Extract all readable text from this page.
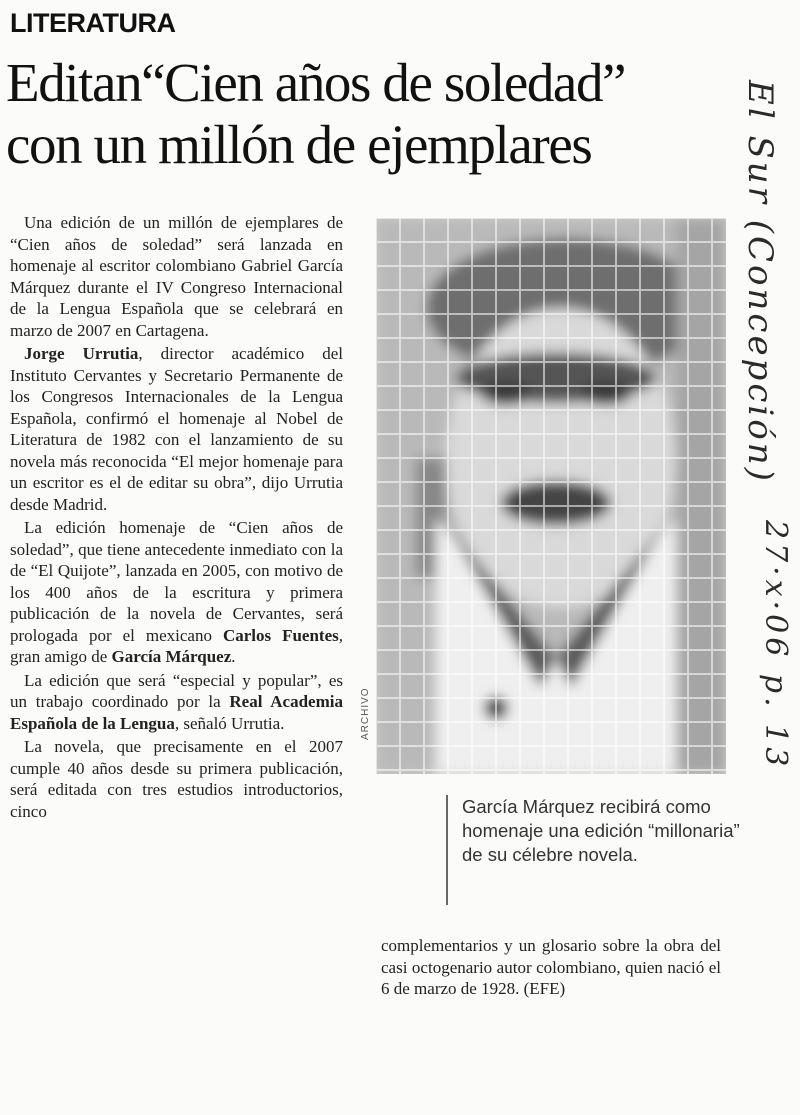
LITERATURA
Editan“Cien años de soledad”
con un millón de ejemplares

Una edición de un millón de ejemplares de “Cien años de soledad” será lanzada en homenaje al escritor colombiano Gabriel García Márquez durante el IV Congreso Internacional de la Lengua Española que se celebrará en marzo de 2007 en Cartagena.

Jorge Urrutia, director académico del Instituto Cervantes y Secretario Permanente de los Congresos Internacionales de la Lengua Española, confirmó el homenaje al Nobel de Literatura de 1982 con el lanzamiento de su novela más reconocida “El mejor homenaje para un escritor es el de editar su obra”, dijo Urrutia desde Madrid.

La edición homenaje de “Cien años de soledad”, que tiene antecedente inmediato con la de “El Quijote”, lanzada en 2005, con motivo de los 400 años de la escritura y primera publicación de la novela de Cervantes, será prologada por el mexicano Carlos Fuentes, gran amigo de García Márquez.

La edición que será “especial y popular”, es un trabajo coordinado por la Real Academia Española de la Lengua, señaló Urrutia.

La novela, que precisamente en el 2007 cumple 40 años desde su primera publicación, será editada con tres estudios introductorios, cinco

ARCHIVO
García Márquez recibirá como homenaje una edición “millonaria” de su célebre novela.
complementarios y un glosario sobre la obra del casi octogenario autor colombiano, quien nació el 6 de marzo de 1928. (EFE)
El Sur (Concepción)
27·x·06 p. 13
